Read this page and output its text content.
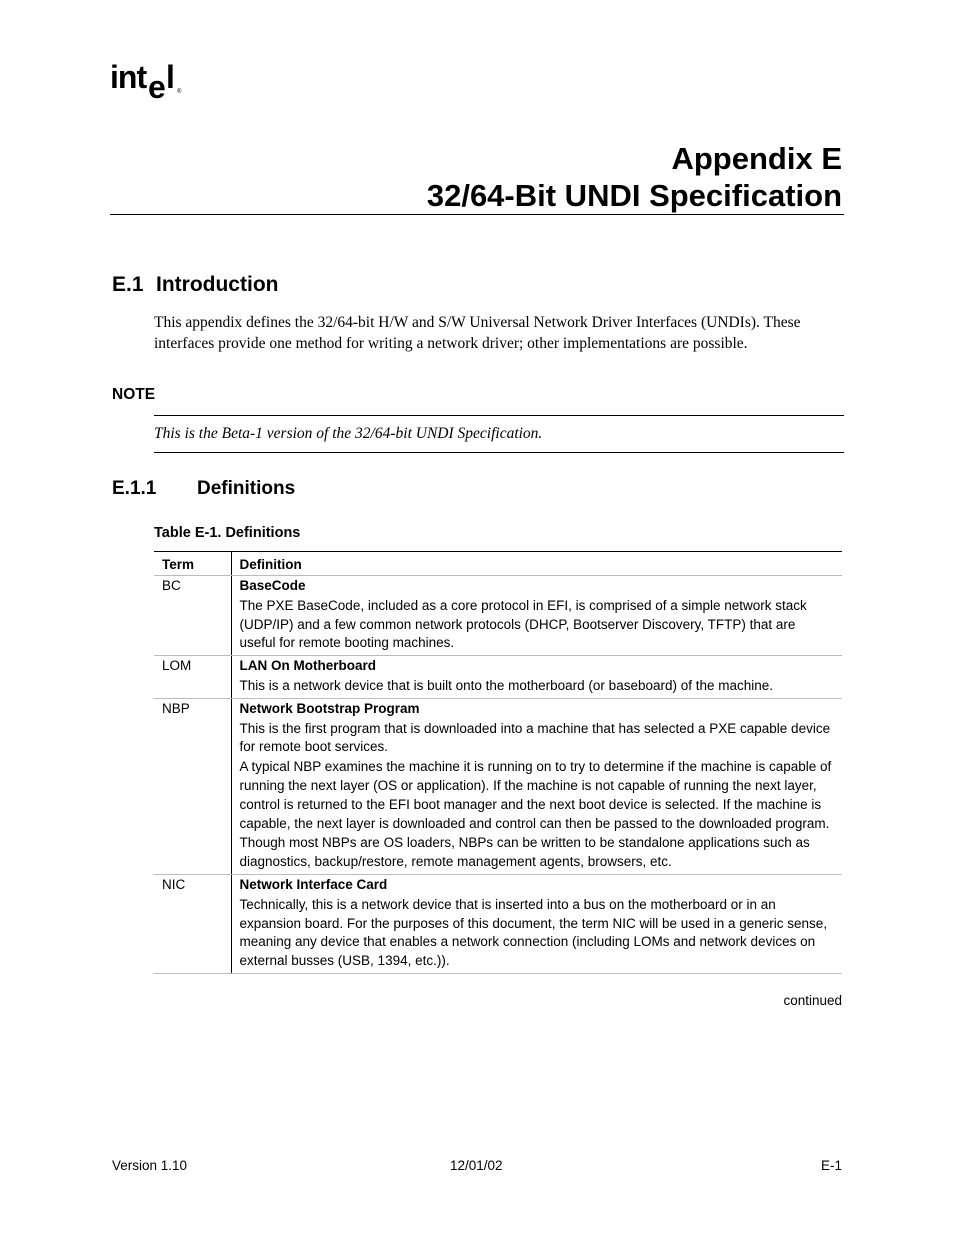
int e l ®
Appendix E
32/64-Bit UNDI Specification
E.1 Introduction
This appendix defines the 32/64-bit H/W and S/W Universal Network Driver Interfaces (UNDIs). These interfaces provide one method for writing a network driver; other implementations are possible.
NOTE
This is the Beta-1 version of the 32/64-bit UNDI Specification.
E.1.1 Definitions
Table E-1. Definitions
Term	Definition
BC	BaseCode
The PXE BaseCode, included as a core protocol in EFI, is comprised of a simple network stack (UDP/IP) and a few common network protocols (DHCP, Bootserver Discovery, TFTP) that are useful for remote booting machines.

LOM	LAN On Motherboard
This is a network device that is built onto the motherboard (or baseboard) of the machine.

NBP	Network Bootstrap Program
This is the first program that is downloaded into a machine that has selected a PXE capable device for remote boot services.
A typical NBP examines the machine it is running on to try to determine if the machine is capable of running the next layer (OS or application). If the machine is not capable of running the next layer, control is returned to the EFI boot manager and the next boot device is selected. If the machine is capable, the next layer is downloaded and control can then be passed to the downloaded program.
Though most NBPs are OS loaders, NBPs can be written to be standalone applications such as diagnostics, backup/restore, remote management agents, browsers, etc.

NIC	Network Interface Card
Technically, this is a network device that is inserted into a bus on the motherboard or in an expansion board. For the purposes of this document, the term NIC will be used in a generic sense, meaning any device that enables a network connection (including LOMs and network devices on external busses (USB, 1394, etc.)).
continued
Version 1.10	12/01/02	E-1
